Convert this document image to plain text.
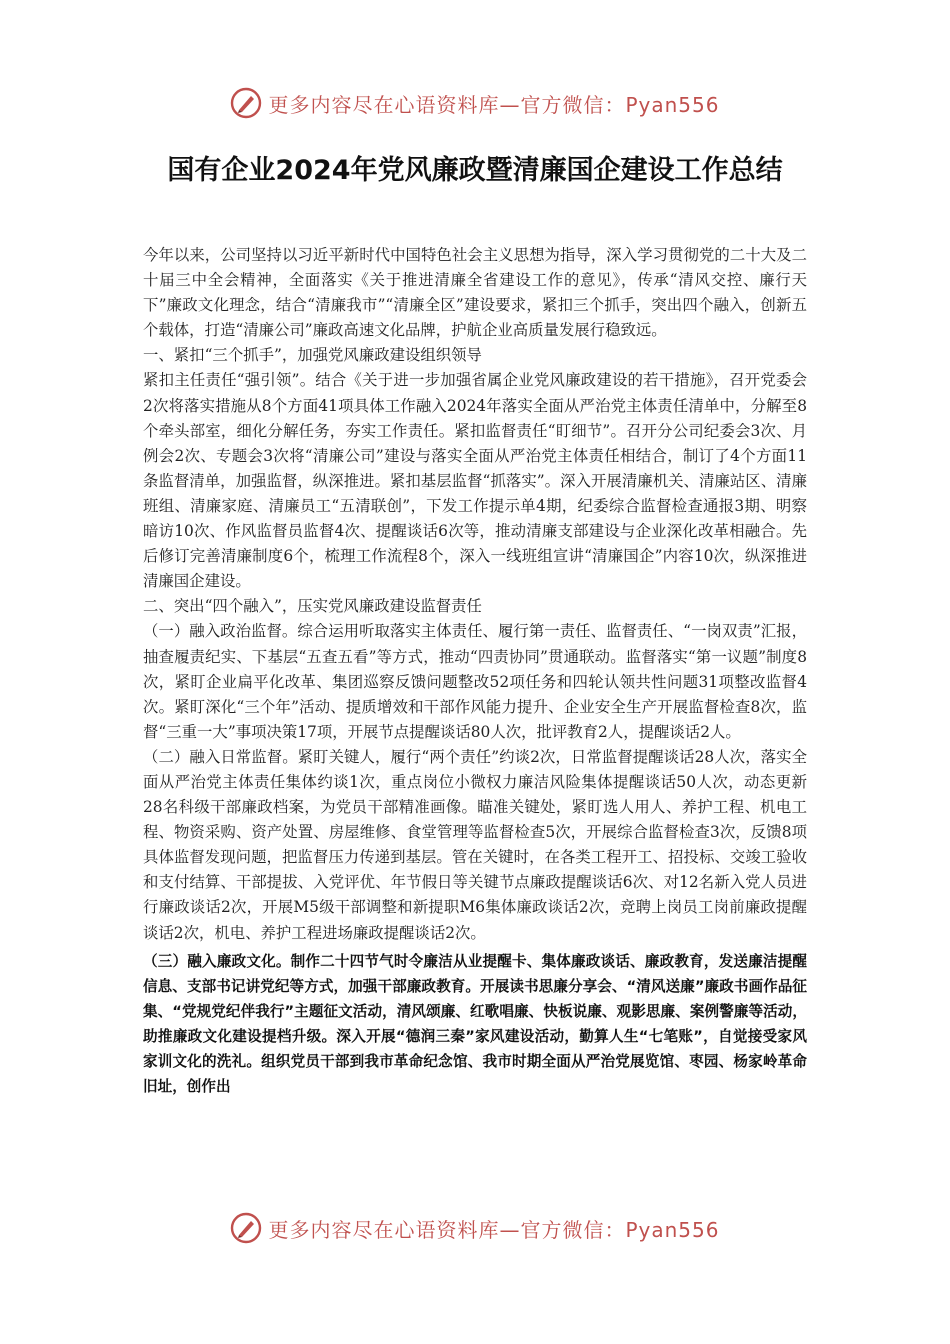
更多内容尽在心语资料库—官方微信：Pyan556
国有企业2024年党风廉政暨清廉国企建设工作总结

今年以来，公司坚持以习近平新时代中国特色社会主义思想为指导，深入学习贯彻党的二十大及二十届三中全会精神，全面落实《关于推进清廉全省建设工作的意见》，传承“清风交控、廉行天下”廉政文化理念，结合“清廉我市”“清廉全区”建设要求，紧扣三个抓手，突出四个融入，创新五个载体，打造“清廉公司”廉政高速文化品牌，护航企业高质量发展行稳致远。

一、紧扣“三个抓手”，加强党风廉政建设组织领导

紧扣主任责任“强引领”。结合《关于进一步加强省属企业党风廉政建设的若干措施》，召开党委会2次将落实措施从8个方面41项具体工作融入2024年落实全面从严治党主体责任清单中，分解至8个牵头部室，细化分解任务，夯实工作责任。紧扣监督责任“盯细节”。召开分公司纪委会3次、月例会2次、专题会3次将“清廉公司”建设与落实全面从严治党主体责任相结合，制订了4个方面11条监督清单，加强监督，纵深推进。紧扣基层监督“抓落实”。深入开展清廉机关、清廉站区、清廉班组、清廉家庭、清廉员工“五清联创”，下发工作提示单4期，纪委综合监督检查通报3期、明察暗访10次、作风监督员监督4次、提醒谈话6次等，推动清廉支部建设与企业深化改革相融合。先后修订完善清廉制度6个，梳理工作流程8个，深入一线班组宣讲“清廉国企”内容10次，纵深推进清廉国企建设。

二、突出“四个融入”，压实党风廉政建设监督责任

（一）融入政治监督。综合运用听取落实主体责任、履行第一责任、监督责任、“一岗双责”汇报，抽查履责纪实、下基层“五查五看”等方式，推动“四责协同”贯通联动。监督落实“第一议题”制度8次，紧盯企业扁平化改革、集团巡察反馈问题整改52项任务和四轮认领共性问题31项整改监督4次。紧盯深化“三个年”活动、提质增效和干部作风能力提升、企业安全生产开展监督检查8次，监督“三重一大”事项决策17项，开展节点提醒谈话80人次，批评教育2人，提醒谈话2人。

（二）融入日常监督。紧盯关键人，履行“两个责任”约谈2次，日常监督提醒谈话28人次，落实全面从严治党主体责任集体约谈1次，重点岗位小微权力廉洁风险集体提醒谈话50人次，动态更新28名科级干部廉政档案，为党员干部精准画像。瞄准关键处，紧盯选人用人、养护工程、机电工程、物资采购、资产处置、房屋维修、食堂管理等监督检查5次，开展综合监督检查3次，反馈8项具体监督发现问题，把监督压力传递到基层。管在关键时，在各类工程开工、招投标、交竣工验收和支付结算、干部提拔、入党评优、年节假日等关键节点廉政提醒谈话6次、对12名新入党人员进行廉政谈话2次，开展M5级干部调整和新提职M6集体廉政谈话2次，竞聘上岗员工岗前廉政提醒谈话2次，机电、养护工程进场廉政提醒谈话2次。

（三）融入廉政文化。制作二十四节气时令廉洁从业提醒卡、集体廉政谈话、廉政教育，发送廉洁提醒信息、支部书记讲党纪等方式，加强干部廉政教育。开展读书思廉分享会、“清风送廉”廉政书画作品征集、“党规党纪伴我行”主题征文活动，清风颂廉、红歌唱廉、快板说廉、观影思廉、案例警廉等活动，助推廉政文化建设提档升级。深入开展“德润三秦”家风建设活动，勤算人生“七笔账”，自觉接受家风家训文化的洗礼。组织党员干部到我市革命纪念馆、我市时期全面从严治党展览馆、枣园、杨家岭革命旧址，创作出

更多内容尽在心语资料库—官方微信：Pyan556
